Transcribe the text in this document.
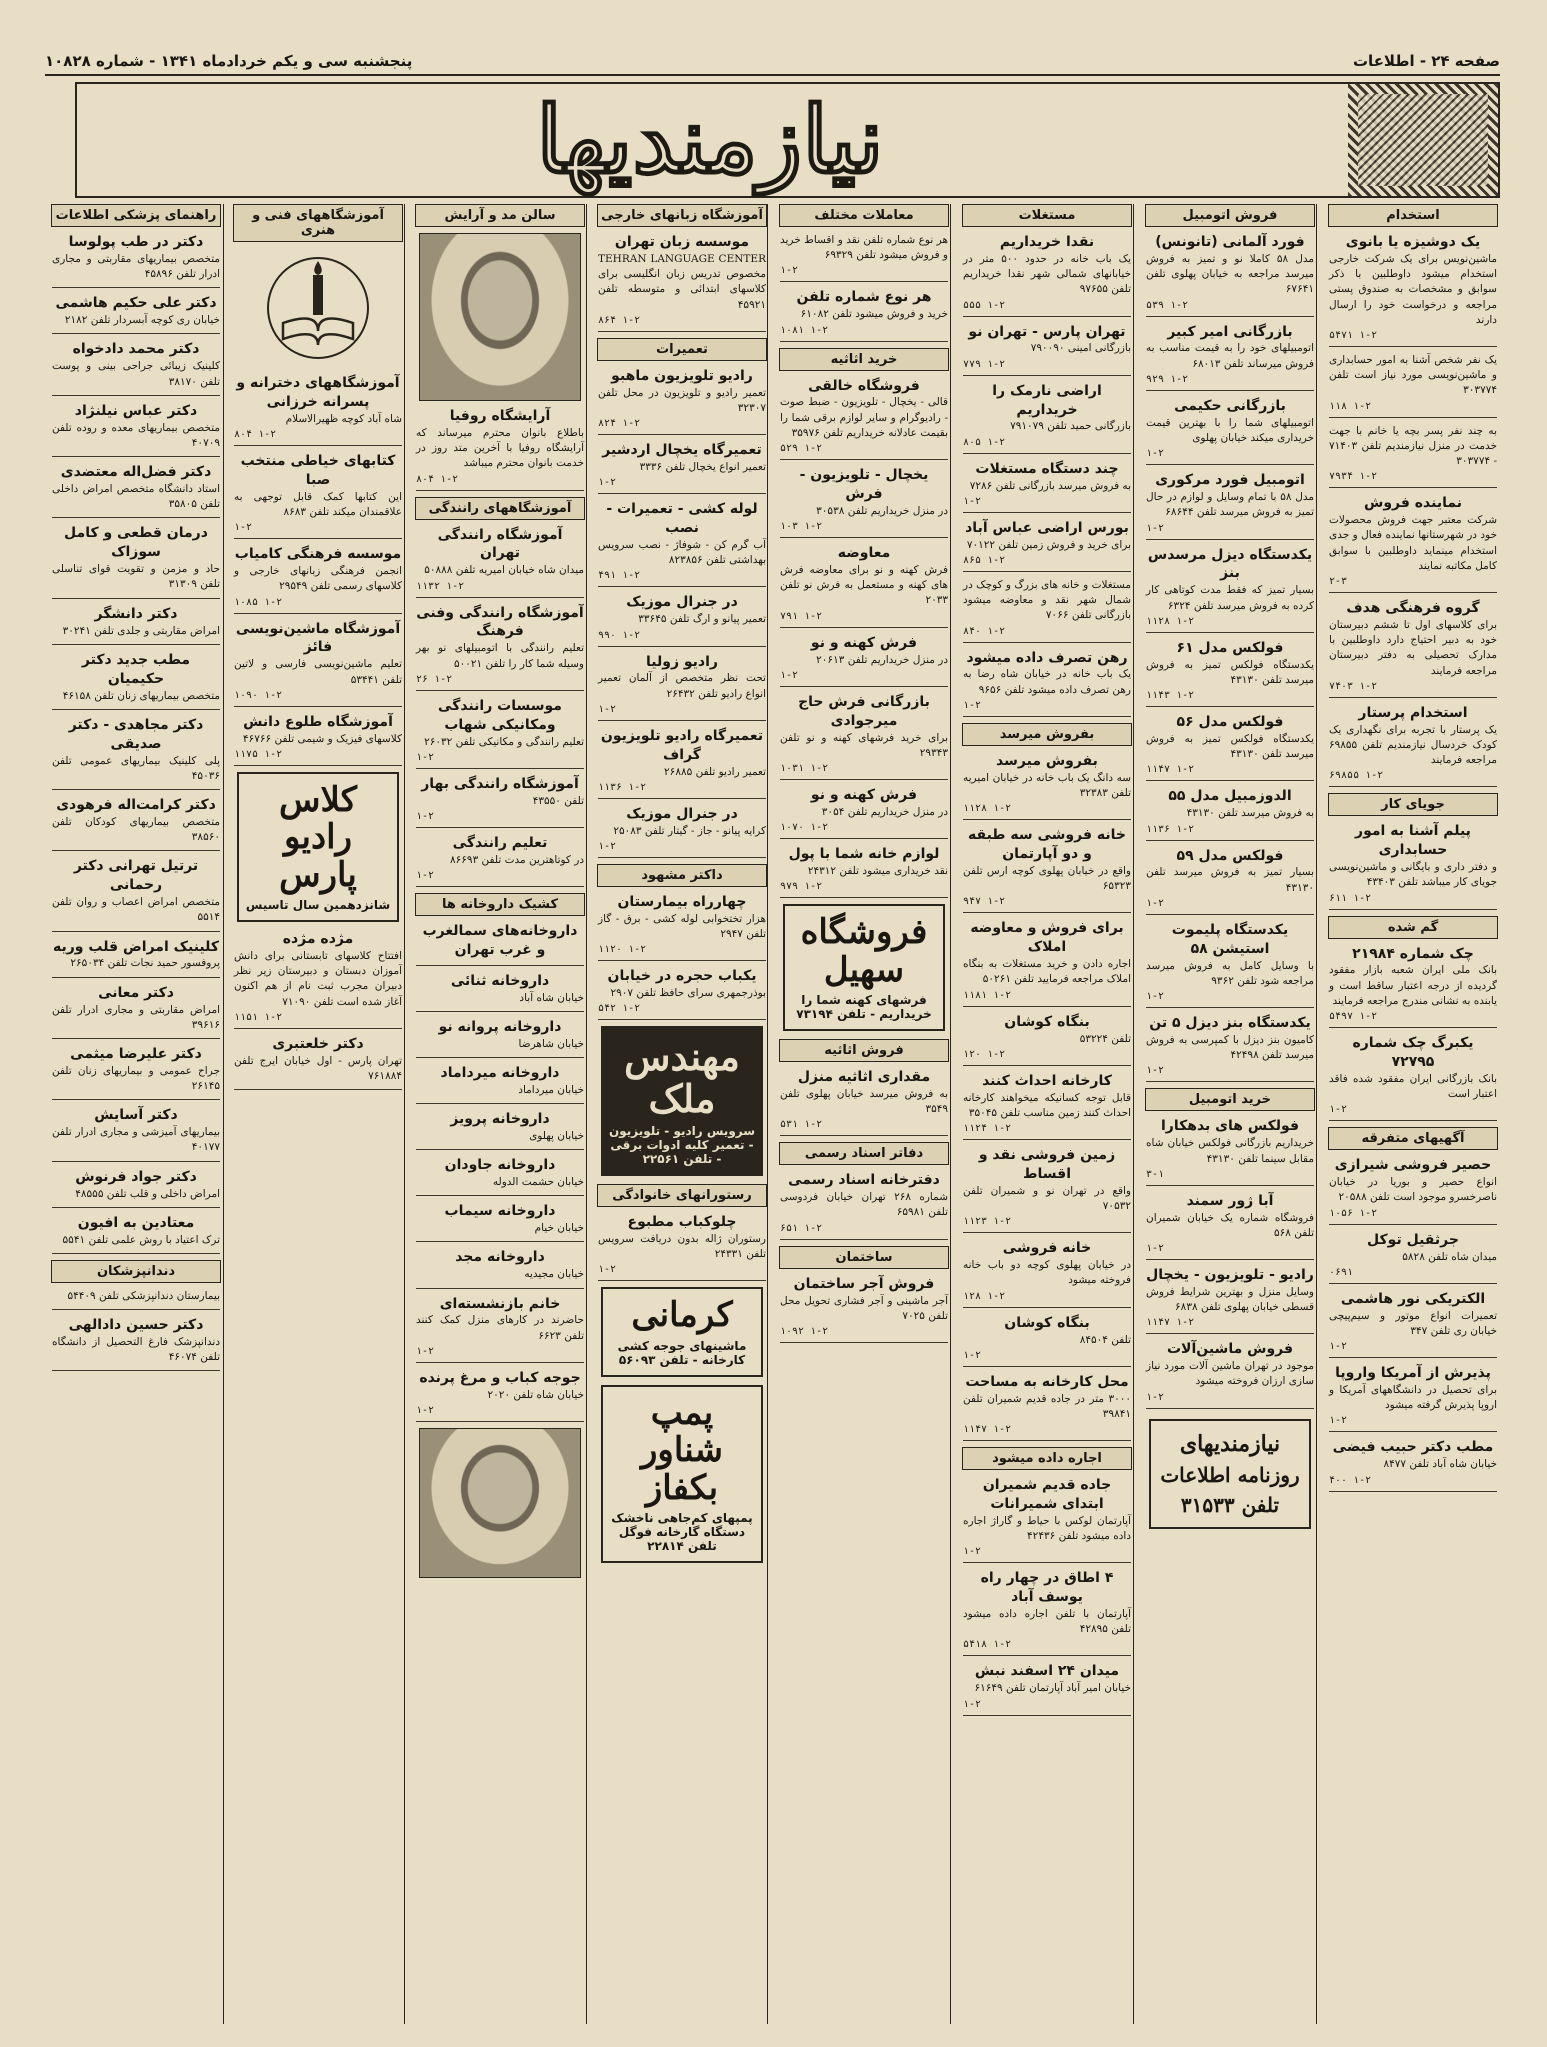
صفحه ۲۴ - اطلاعات
پنجشنبه سی و یکم خردادماه ۱۳۴۱ - شماره ۱۰۸۲۸
نیازمندیها
استخدام
یک دوشیزه یا بانوی

ماشین‌نویس برای یک شرکت خارجی استخدام میشود داوطلبین با ذکر سوابق و مشخصات به صندوق پستی مراجعه و درخواست خود را ارسال دارند

۱-۲ ۵۴۷۱

یک نفر شخص آشنا به امور حسابداری و ماشین‌نویسی مورد نیاز است تلفن ۳۰۳۷۷۴

۱-۲ ۱۱۸

به چند نفر پسر بچه یا خانم با جهت خدمت در منزل نیازمندیم تلفن ۷۱۴۰۳ - ۳۰۳۷۷۴

۱-۲ ۷۹۳۴
نماینده فروش

شرکت معتبر جهت فروش محصولات خود در شهرستانها نماینده فعال و جدی استخدام مینماید داوطلبین با سوابق کامل مکاتبه نمایند

۲-۳
گروه فرهنگی هدف

برای کلاسهای اول تا ششم دبیرستان خود به دبیر احتیاج دارد داوطلبین با مدارک تحصیلی به دفتر دبیرستان مراجعه فرمایند

۱-۲ ۷۴۰۳
استخدام پرستار

یک پرستار با تجربه برای نگهداری یک کودک خردسال نیازمندیم تلفن ۶۹۸۵۵ مراجعه فرمایند

۱-۲ ۶۹۸۵۵
جویای کار
پیلم آشنا به امور حسابداری

و دفتر داری و بایگانی و ماشین‌نویسی جویای کار میباشد تلفن ۴۳۴۰۳

۱-۲ ۶۱۱
گم شده
چک شماره ۲۱۹۸۴

بانک ملی ایران شعبه بازار مفقود گردیده از درجه اعتبار ساقط است و یابنده به نشانی مندرج مراجعه فرمایند

۱-۲ ۵۴۹۷
یکبرگ چک شماره ۷۲۷۹۵

بانک بازرگانی ایران مفقود شده فاقد اعتبار است

۱-۲
آگهیهای متفرقه
حصیر فروشی شیرازی

انواع حصیر و بوریا در خیابان ناصرخسرو موجود است تلفن ۲۰۵۸۸

۱-۲ ۱۰۵۶
جرثقیل توکل

میدان شاه تلفن ۵۸۲۸

۰۶۹۱
الکتریکی نور هاشمی

تعمیرات انواع موتور و سیم‌پیچی خیابان ری تلفن ۳۴۷

۱-۲
پذیرش از آمریکا واروپا

برای تحصیل در دانشگاههای آمریکا و اروپا پذیرش گرفته میشود

۱-۲
مطب دکتر حبیب فیضی

خیابان شاه آباد تلفن ۸۴۷۷

۱-۲ ۴۰۰
فروش اتومبیل
فورد آلمانی (تانونس)

مدل ۵۸ کاملا نو و تمیز به فروش میرسد مراجعه به خیابان پهلوی تلفن ۶۷۶۴۱

۱-۲ ۵۳۹
بازرگانی امیر کبیر

اتومبیلهای خود را به قیمت مناسب به فروش میرساند تلفن ۶۸۰۱۳

۱-۲ ۹۲۹
بازرگانی حکیمی

اتومبیلهای شما را با بهترین قیمت خریداری میکند خیابان پهلوی

۱-۲
اتومبیل فورد مرکوری

مدل ۵۸ با تمام وسایل و لوازم در حال تمیز به فروش میرسد تلفن ۶۸۶۴۴

۱-۲
یکدستگاه دیزل مرسدس بنز

بسیار تمیز که فقط مدت کوتاهی کار کرده به فروش میرسد تلفن ۶۳۲۴

۱-۲ ۱۱۲۸
فولکس مدل ۶۱

یکدستگاه فولکس تمیز به فروش میرسد تلفن ۴۳۱۳۰

۱-۲ ۱۱۴۳
فولکس مدل ۵۶

یکدستگاه فولکس تمیز به فروش میرسد تلفن ۴۳۱۳۰

۱-۲ ۱۱۴۷
الدوزمبیل مدل ۵۵

به فروش میرسد تلفن ۴۳۱۳۰

۱-۲ ۱۱۳۶
فولکس مدل ۵۹

بسیار تمیز به فروش میرسد تلفن ۴۳۱۳۰

۱-۲
یکدستگاه پلیموت استیشن ۵۸

با وسایل کامل به فروش میرسد مراجعه شود تلفن ۹۳۶۲

۱-۲
یکدستگاه بنز دیزل ۵ تن

کامیون بنز دیزل با کمپرسی به فروش میرسد تلفن ۴۲۴۹۸

۱-۲
خرید اتومبیل
فولکس های بدهکارا

خریداریم بازرگانی فولکس خیابان شاه مقابل سینما تلفن ۴۳۱۳۰

۳-۱
آبا ژور سمند

فروشگاه شماره یک خیابان شمیران تلفن ۵۶۸

۱-۲
رادیو - تلویزیون - یخچال

وسایل منزل و بهترین شرایط فروش قسطی خیابان پهلوی تلفن ۶۸۳۸

۱-۲ ۱۱۴۷
فروش ماشین‌آلات

موجود در تهران ماشین آلات مورد نیاز سازی ارزان فروخته میشود

۱-۲
نیازمندیهای
روزنامه اطلاعات
تلفن ۳۱۵۳۳
مستغلات
نقدا خریداریم

یک باب خانه در حدود ۵۰۰ متر در خیابانهای شمالی شهر نقدا خریداریم تلفن ۹۷۶۵۵

۱-۲ ۵۵۵
تهران پارس - تهران نو

بازرگانی امینی ۷۹۰۰۹۰

۱-۲ ۷۷۹
اراضی نارمک را خریداریم

بازرگانی حمید تلفن ۷۹۱۰۷۹

۱-۲ ۸۰۵
چند دستگاه مستغلات

به فروش میرسد بازرگانی تلفن ۷۲۸۶

۱-۲
بورس اراضی عباس آباد

برای خرید و فروش زمین تلفن ۷۰۱۲۲

۱-۲ ۸۶۵

مستغلات و خانه های بزرگ و کوچک در شمال شهر نقد و معاوضه میشود بازرگانی تلفن ۷۰۶۶

۱-۲ ۸۴۰
رهن تصرف داده میشود

یک باب خانه در خیابان شاه رضا به رهن تصرف داده میشود تلفن ۹۶۵۶

۱-۲
بفروش میرسد
بفروش میرسد

سه دانگ یک باب خانه در خیابان امیریه تلفن ۳۲۳۸۳

۱-۲ ۱۱۲۸
خانه فروشی سه طبقه و دو آپارتمان

واقع در خیابان پهلوی کوچه ارس تلفن ۶۵۳۲۳

۱-۲ ۹۴۷
برای فروش و معاوضه املاک

اجاره دادن و خرید مستغلات به بنگاه املاک مراجعه فرمایید تلفن ۵۰۲۶۱

۱-۲ ۱۱۸۱
بنگاه کوشان

تلفن ۵۳۲۲۴

۱-۲ ۱۲۰
کارخانه احداث کنند

قابل توجه کسانیکه میخواهند کارخانه احداث کنند زمین مناسب تلفن ۳۵۰۴۵

۱-۲ ۱۱۲۴
زمین فروشی نقد و اقساط

واقع در تهران نو و شمیران تلفن ۷۰۵۳۲

۱-۲ ۱۱۲۳
خانه فروشی

در خیابان پهلوی کوچه دو باب خانه فروخته میشود

۱-۲ ۱۲۸
بنگاه کوشان

تلفن ۸۴۵۰۴

۱-۲
محل کارخانه به مساحت

۳۰۰۰ متر در جاده قدیم شمیران تلفن ۳۹۸۴۱

۱-۲ ۱۱۴۷
اجاره داده میشود
جاده قدیم شمیران ابتدای شمیرانات

آپارتمان لوکس با حیاط و گاراژ اجاره داده میشود تلفن ۴۲۴۳۶

۱-۲
۴ اطاق در چهار راه یوسف آباد

آپارتمان با تلفن اجاره داده میشود تلفن ۴۲۸۹۵

۱-۲ ۵۴۱۸
میدان ۲۴ اسفند نبش

خیابان امیر آباد آپارتمان تلفن ۶۱۶۴۹

۱-۲
معاملات مختلف

هر نوع شماره تلفن نقد و اقساط خرید و فروش میشود تلفن ۶۹۳۲۹

۱-۲
هر نوع شماره تلفن

خرید و فروش میشود تلفن ۶۱۰۸۲

۱-۲ ۱۰۸۱
خرید اثاثیه
فروشگاه خالقی

قالی - یخچال - تلویزیون - ضبط صوت - رادیوگرام و سایر لوازم برقی شما را بقیمت عادلانه خریداریم تلفن ۳۵۹۷۶

۱-۲ ۵۲۹
یخچال - تلویزیون - فرش

در منزل خریداریم تلفن ۳۰۵۳۸

۱-۲ ۱۰۳
معاوضه

فرش کهنه و نو برای معاوضه فرش های کهنه و مستعمل به فرش نو تلفن ۲۰۳۳

۱-۲ ۷۹۱
فرش کهنه و نو

در منزل خریداریم تلفن ۲۰۶۱۳

۱-۲
بازرگانی فرش حاج میرجوادی

برای خرید فرشهای کهنه و نو تلفن ۲۹۳۴۳

۱-۲ ۱۰۳۱
فرش کهنه و نو

در منزل خریداریم تلفن ۳۰۵۴

۱-۲ ۱۰۷۰
لوازم خانه شما با پول

نقد خریداری میشود تلفن ۲۴۳۱۲

۱-۲ ۹۷۹
فروشگاه سهیل
فرشهای کهنه شما را خریداریم - تلفن ۷۳۱۹۴
فروش اثاثیه
مقداری اثاثیه منزل

به فروش میرسد خیابان پهلوی تلفن ۳۵۴۹

۱-۲ ۵۳۱
دفاتر اسناد رسمی
دفترخانه اسناد رسمی

شماره ۲۶۸ تهران خیابان فردوسی تلفن ۶۵۹۸۱

۱-۲ ۶۵۱
ساختمان
فروش آجر ساختمان

آجر ماشینی و آجر فشاری تحویل محل تلفن ۷۰۲۵

۱-۲ ۱۰۹۲
آموزشگاه زبانهای خارجی
موسسه زبان تهران

TEHRAN LANGUAGE CENTER مخصوص تدریس زبان انگلیسی برای کلاسهای ابتدائی و متوسطه تلفن ۴۵۹۲۱

۱-۲ ۸۶۴
تعمیرات
رادیو تلویزیون ماهبو

تعمیر رادیو و تلویزیون در محل تلفن ۳۲۳۰۷

۱-۲ ۸۲۴
تعمیرگاه یخچال اردشیر

تعمیر انواع یخچال تلفن ۳۳۳۶

۱-۲
لوله کشی - تعمیرات - نصب

آب گرم کن - شوفاژ - نصب سرویس بهداشتی تلفن ۸۲۳۸۵۶

۱-۲ ۴۹۱
در جنرال موزیک

تعمیر پیانو و ارگ تلفن ۳۳۶۴۵

۱-۲ ۹۹۰
رادیو زولیا

تحت نظر متخصص از آلمان تعمیر انواع رادیو تلفن ۲۶۴۳۲

۱-۲
تعمیرگاه رادیو تلویزیون گراف

تعمیر رادیو تلفن ۲۶۸۸۵

۱-۲ ۱۱۳۶
در جنرال موزیک

کرایه پیانو - جاز - گیتار تلفن ۲۵۰۸۳

۱-۲
داکتر مشهود
چهارراه بیمارستان

هزار تختخوابی لوله کشی - برق - گاز تلفن ۲۹۴۷

۱-۲ ۱۱۲۰
یکباب حجره در خیابان

بوذرجمهری سرای حافظ تلفن ۲۹۰۷

۱-۲ ۵۴۲
مهندس ملک
سرویس رادیو - تلویزیون - تعمیر کلیه ادوات برقی - تلفن ۲۲۵۶۱
رستورانهای خانوادگی
چلوکباب مطبوع

رستوران ژاله بدون دریافت سرویس تلفن ۲۴۳۳۱

۱-۲
کرمانی
ماشینهای جوجه کشی کارخانه - تلفن ۵۶۰۹۳
پمپ شناور بکفاز
پمپهای کم‌جاهی ناخشک دستگاه گارخانه فوگل تلفن ۲۲۸۱۴
سالن مد و آرایش
آرایشگاه روفیا

باطلاع بانوان محترم میرساند که آرایشگاه روفیا با آخرین متد روز در خدمت بانوان محترم میباشد

۱-۲ ۸۰۴
آموزشگاههای رانندگی
آموزشگاه رانندگی تهران

میدان شاه خیابان امیریه تلفن ۵۰۸۸۸

۱-۲ ۱۱۳۲
آموزشگاه رانندگی وفنی فرهنگ

تعلیم رانندگی با اتومبیلهای نو بهر وسیله شما کار را تلفن ۵۰۰۲۱

۱-۲ ۲۶
موسسات رانندگی ومکانیکی شهاب

تعلیم رانندگی و مکانیکی تلفن ۲۶۰۳۲

۱-۲
آموزشگاه رانندگی بهار

تلفن ۴۳۵۵۰

۱-۲
تعلیم رانندگی

در کوتاهترین مدت تلفن ۸۶۶۹۳

۱-۲
کشیک داروخانه ها
داروخانه‌های سمالغرب و غرب تهران
داروخانه ثنائی

خیابان شاه آباد

داروخانه پروانه نو

خیابان شاهرضا

داروخانه میرداماد

خیابان میرداماد

داروخانه پرویز

خیابان پهلوی

داروخانه جاودان

خیابان حشمت الدوله

داروخانه سیماب

خیابان خیام

داروخانه مجد

خیابان مجیدیه

خانم بازنشسته‌ای

حاضرند در کارهای منزل کمک کنند تلفن ۶۶۲۳

۱-۲
جوجه کباب و مرغ پرنده

خیابان شاه تلفن ۲۰۲۰

۱-۲
آموزشگاههای فنی و هنری
آموزشگاههای دخترانه و پسرانه خرزانی

شاه آباد کوچه ظهیرالاسلام

۱-۲ ۸۰۴
کتابهای خیاطی منتخب صبا

این کتابها کمک قابل توجهی به علاقمندان میکند تلفن ۸۶۸۳

۱-۲
موسسه فرهنگی کامیاب

انجمن فرهنگی زبانهای خارجی و کلاسهای رسمی تلفن ۲۹۵۴۹

۱-۲ ۱۰۸۵
آموزشگاه ماشین‌نویسی فائز

تعلیم ماشین‌نویسی فارسی و لاتین تلفن ۵۳۴۴۱

۱-۲ ۱۰۹۰
آموزشگاه طلوع دانش

کلاسهای فیزیک و شیمی تلفن ۴۶۷۶۶

۱-۲ ۱۱۷۵
کلاس رادیو پارس
شانزدهمین سال تاسیس
مژده مژده

افتتاح کلاسهای تابستانی برای دانش آموزان دبستان و دبیرستان زیر نظر دبیران مجرب ثبت نام از هم اکنون آغاز شده است تلفن ۷۱۰۹۰

۱-۲ ۱۱۵۱
دکتر خلعتبری

تهران پارس - اول خیابان ایرج تلفن ۷۶۱۸۸۴

راهنمای پزشکی اطلاعات
دکتر در طب پولوسا

متخصص بیماریهای مقاربتی و مجاری ادرار تلفن ۴۵۸۹۶

دکتر علی حکیم هاشمی

خیابان ری کوچه آبسردار تلفن ۲۱۸۲

دکتر محمد دادخواه

کلینیک زیبائی جراحی بینی و پوست تلفن ۳۸۱۷۰

دکتر عباس نیلنژاد

متخصص بیماریهای معده و روده تلفن ۴۰۷۰۹

دکتر فضل‌اله معتضدی

استاد دانشگاه متخصص امراض داخلی تلفن ۳۵۸۰۵

درمان قطعی و کامل سوزاک

حاد و مزمن و تقویت قوای تناسلی تلفن ۳۱۳۰۹

دکتر دانشگر

امراض مقاربتی و جلدی تلفن ۳۰۲۴۱

مطب جدید دکتر حکیمیان

متخصص بیماریهای زنان تلفن ۴۶۱۵۸

دکتر مجاهدی - دکتر صدیقی

پلی کلینیک بیماریهای عمومی تلفن ۴۵۰۳۶

دکتر کرامت‌اله فرهودی

متخصص بیماریهای کودکان تلفن ۳۸۵۶۰

ترتیل تهرانی دکتر رحمانی

متخصص امراض اعصاب و روان تلفن ۵۵۱۴

کلینیک امراض قلب وریه

پروفسور حمید نجات تلفن ۲۶۵۰۳۴

دکتر معانی

امراض مقاربتی و مجاری ادرار تلفن ۳۹۶۱۶

دکتر علیرضا میثمی

جراح عمومی و بیماریهای زنان تلفن ۲۶۱۴۵

دکتر آسایش

بیماریهای آمیزشی و مجاری ادرار تلفن ۴۰۱۷۷

دکتر جواد فرنوش

امراض داخلی و قلب تلفن ۴۸۵۵۵

معتادین به افیون

ترک اعتیاد با روش علمی تلفن ۵۵۴۱

دندانپزشکان

بیمارستان دندانپزشکی تلفن ۵۴۴۰۹

دکتر حسین دادالهی

دندانپزشک فارغ التحصیل از دانشگاه تلفن ۴۶۰۷۴
